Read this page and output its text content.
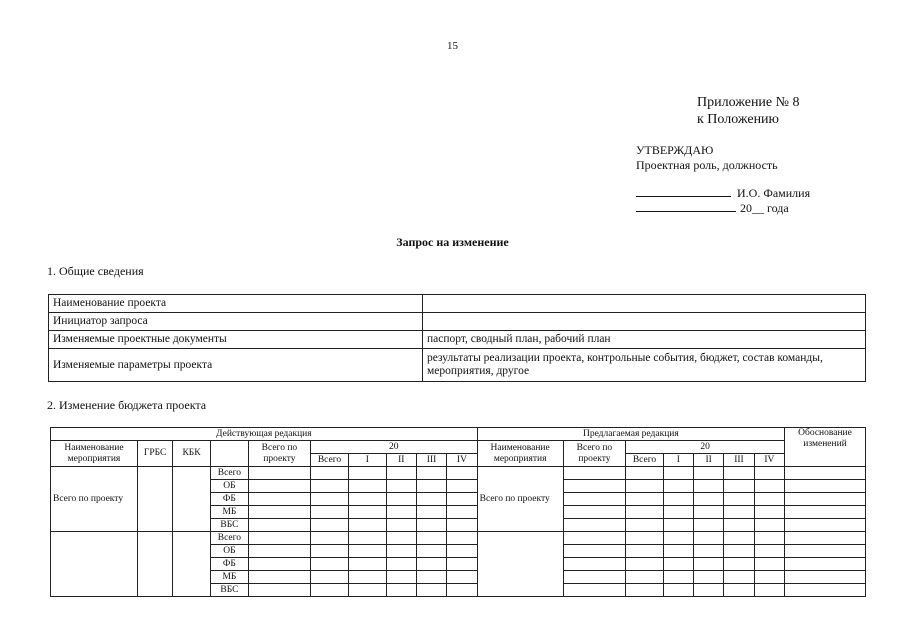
15
Приложение № 8
к Положению
УТВЕРЖДАЮ
Проектная роль, должность
И.О. Фамилия
20__ года
Запрос на изменение
1. Общие сведения
Наименование проекта	
Инициатор запроса	
Изменяемые проектные документы	паспорт, сводный план, рабочий план
Изменяемые параметры проекта	результаты реализации проекта, контрольные события, бюджет, состав команды, мероприятия, другое
2. Изменение бюджета проекта
Действующая редакция										Предлагаемая редакция							Обоснование изменений
Наименование мероприятия	ГРБС	КБК		Всего по проекту	20					Наименование мероприятия	Всего по проекту	20					
					Всего	I	II	III	IV			Всего	I	II	III	IV	
Всего по проекту			Всего							Всего по проекту							
			ОБ														
			ФБ														
			МБ														
			ВБС														
			Всего														
			ОБ														
			ФБ														
			МБ														
			ВБС														
